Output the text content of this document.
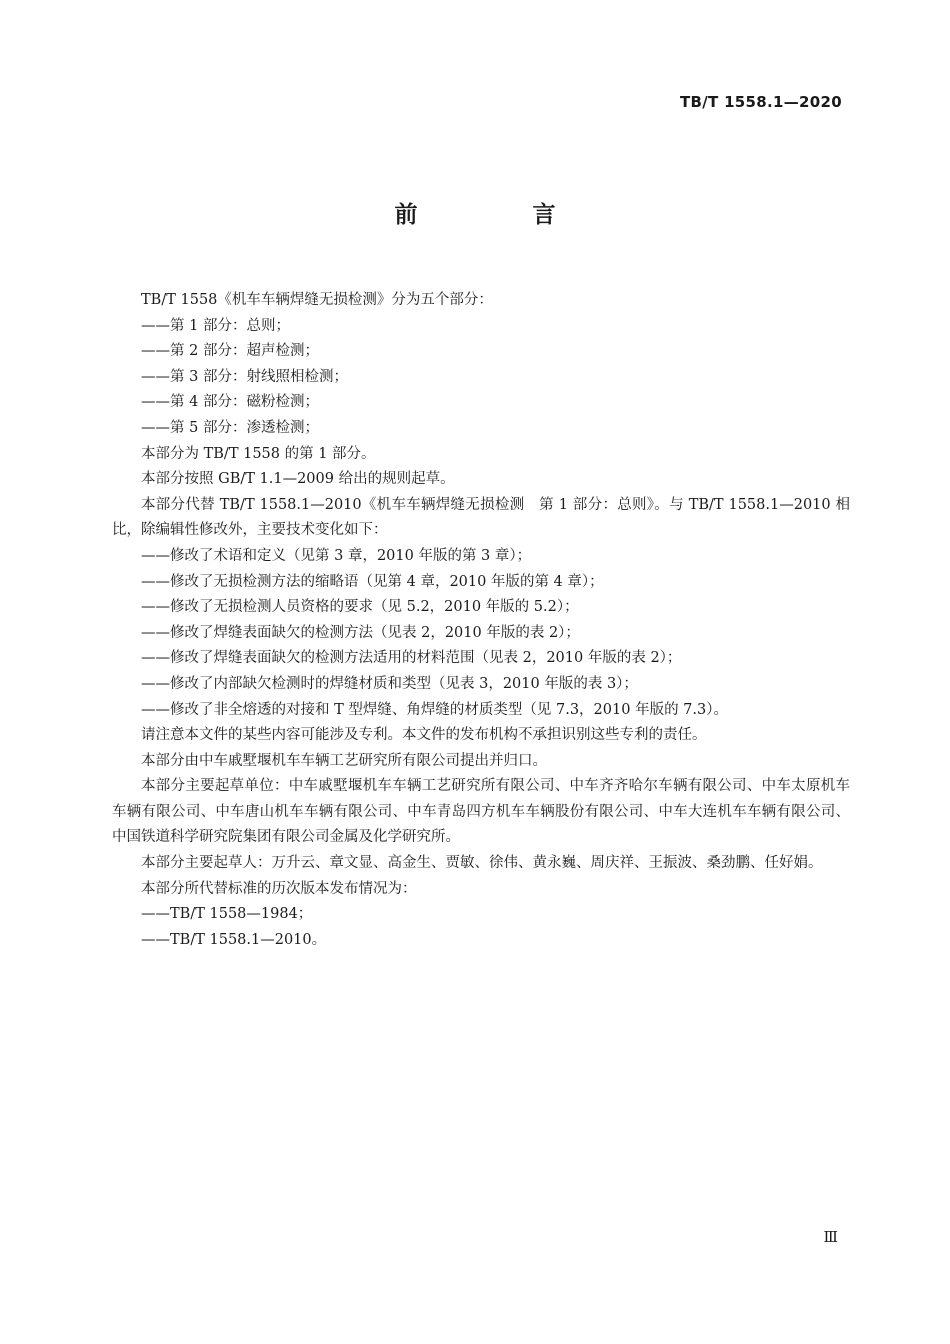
TB/T 1558.1—2020
前　言

TB/T 1558《机车车辆焊缝无损检测》分为五个部分：

——第 1 部分：总则；

——第 2 部分：超声检测；

——第 3 部分：射线照相检测；

——第 4 部分：磁粉检测；

——第 5 部分：渗透检测；

本部分为 TB/T 1558 的第 1 部分。

本部分按照 GB/T 1.1—2009 给出的规则起草。

本部分代替 TB/T 1558.1—2010《机车车辆焊缝无损检测　第 1 部分：总则》。与 TB/T 1558.1—2010 相比，除编辑性修改外，主要技术变化如下：

——修改了术语和定义（见第 3 章，2010 年版的第 3 章）；

——修改了无损检测方法的缩略语（见第 4 章，2010 年版的第 4 章）；

——修改了无损检测人员资格的要求（见 5.2，2010 年版的 5.2）；

——修改了焊缝表面缺欠的检测方法（见表 2，2010 年版的表 2）；

——修改了焊缝表面缺欠的检测方法适用的材料范围（见表 2，2010 年版的表 2）；

——修改了内部缺欠检测时的焊缝材质和类型（见表 3，2010 年版的表 3）；

——修改了非全熔透的对接和 T 型焊缝、角焊缝的材质类型（见 7.3，2010 年版的 7.3）。

请注意本文件的某些内容可能涉及专利。本文件的发布机构不承担识别这些专利的责任。

本部分由中车戚墅堰机车车辆工艺研究所有限公司提出并归口。

本部分主要起草单位：中车戚墅堰机车车辆工艺研究所有限公司、中车齐齐哈尔车辆有限公司、中车太原机车车辆有限公司、中车唐山机车车辆有限公司、中车青岛四方机车车辆股份有限公司、中车大连机车车辆有限公司、中国铁道科学研究院集团有限公司金属及化学研究所。

本部分主要起草人：万升云、章文显、高金生、贾敏、徐伟、黄永巍、周庆祥、王振波、桑劲鹏、任好娟。

本部分所代替标准的历次版本发布情况为：

——TB/T 1558—1984；

——TB/T 1558.1—2010。

Ⅲ
